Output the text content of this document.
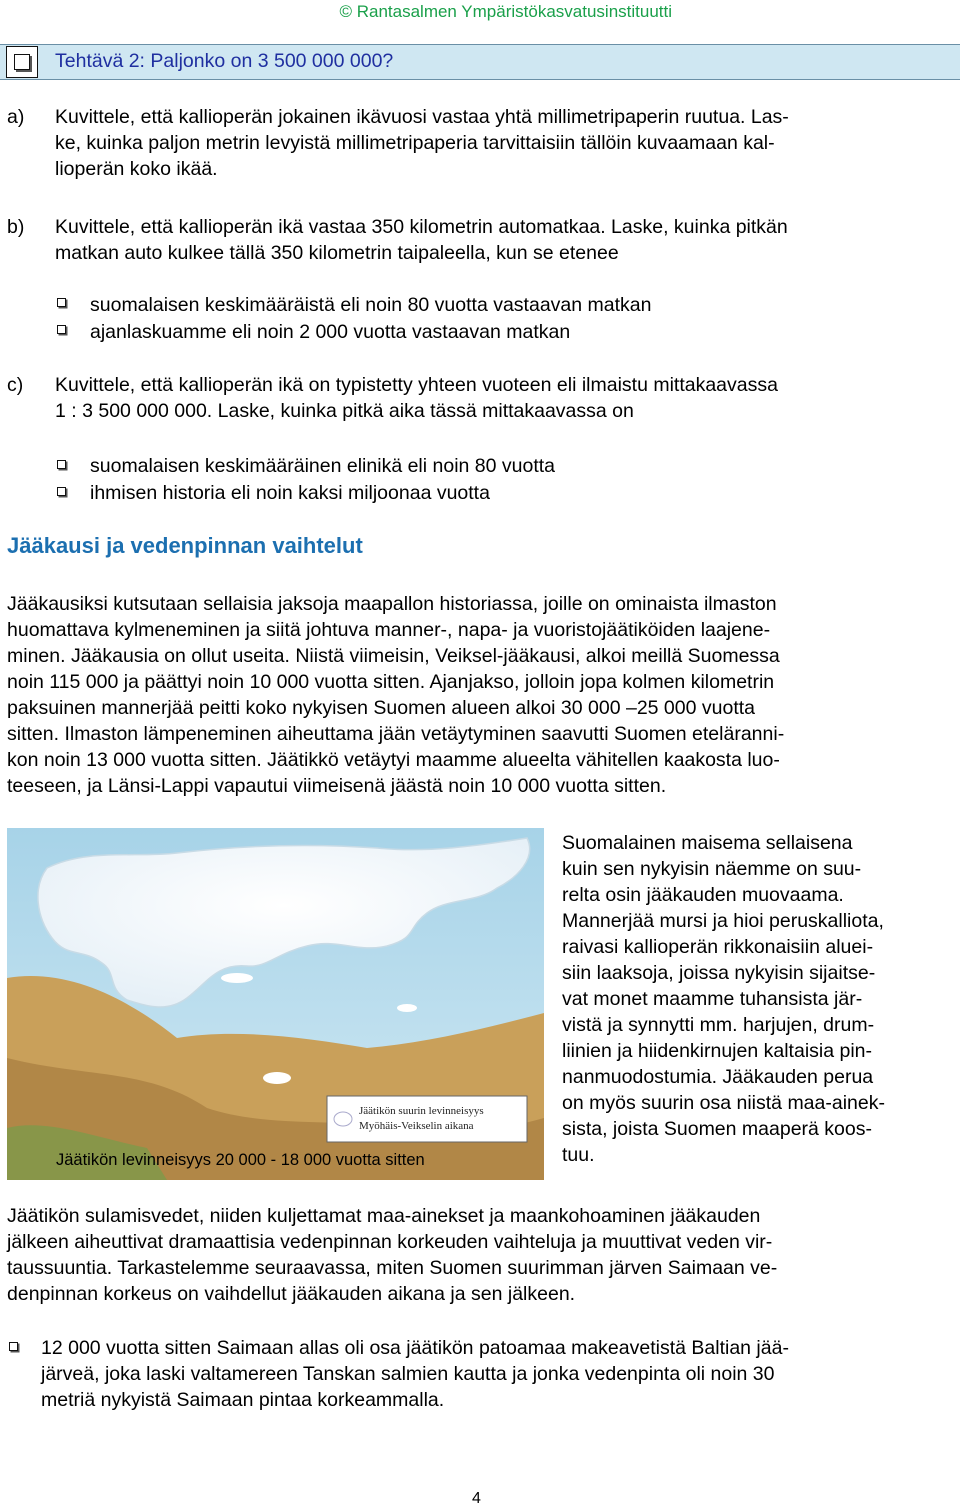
© Rantasalmen Ympäristökasvatusinstituutti
Tehtävä 2: Paljonko on 3 500 000 000?
a) Kuvittele, että kallioperän jokainen ikävuosi vastaa yhtä millimetripaperin ruutua. Las-
ke, kuinka paljon metrin levyistä millimetripaperia tarvittaisiin tällöin kuvaamaan kal-
lioperän koko ikää.
b) Kuvittele, että kallioperän ikä vastaa 350 kilometrin automatkaa. Laske, kuinka pitkän
matkan auto kulkee tällä 350 kilometrin taipaleella, kun se etenee
suomalaisen keskimääräistä eli noin 80 vuotta vastaavan matkan
ajanlaskuamme eli noin 2 000 vuotta vastaavan matkan
c) Kuvittele, että kallioperän ikä on typistetty yhteen vuoteen eli ilmaistu mittakaavassa
1 : 3 500 000 000. Laske, kuinka pitkä aika tässä mittakaavassa on
suomalaisen keskimääräinen elinikä eli noin 80 vuotta
ihmisen historia eli noin kaksi miljoonaa vuotta
Jääkausi ja vedenpinnan vaihtelut
Jääkausiksi kutsutaan sellaisia jaksoja maapallon historiassa, joille on ominaista ilmaston
huomattava kylmeneminen ja siitä johtuva manner-, napa- ja vuoristojäätiköiden laajene-
minen. Jääkausia on ollut useita. Niistä viimeisin, Veiksel-jääkausi, alkoi meillä Suomessa
noin 115 000 ja päättyi noin 10 000 vuotta sitten. Ajanjakso, jolloin jopa kolmen kilometrin
paksuinen mannerjää peitti koko nykyisen Suomen alueen alkoi 30 000 –25 000 vuotta
sitten. Ilmaston lämpeneminen aiheuttama jään vetäytyminen saavutti Suomen eteläranni-
kon noin 13 000 vuotta sitten. Jäätikkö vetäytyi maamme alueelta vähitellen kaakosta luo-
teeseen, ja Länsi-Lappi vapautui viimeisenä jäästä noin 10 000 vuotta sitten.
Jäätikön suurin levinneisyys
Myöhäis-Veikselin aikana
Jäätikön levinneisyys 20 000 - 18 000 vuotta sitten
Suomalainen maisema sellaisena
kuin sen nykyisin näemme on suu-
relta osin jääkauden muovaama.
Mannerjää mursi ja hioi peruskalliota,
raivasi kallioperän rikkonaisiin aluei-
siin laaksoja, joissa nykyisin sijaitse-
vat monet maamme tuhansista jär-
vistä ja synnytti mm. harjujen, drum-
liinien ja hiidenkirnujen kaltaisia pin-
nanmuodostumia. Jääkauden perua
on myös suurin osa niistä maa-ainek-
sista, joista Suomen maaperä koos-
tuu.
Jäätikön sulamisvedet, niiden kuljettamat maa-ainekset ja maankohoaminen jääkauden
jälkeen aiheuttivat dramaattisia vedenpinnan korkeuden vaihteluja ja muuttivat veden vir-
taussuuntia. Tarkastelemme seuraavassa, miten Suomen suurimman järven Saimaan ve-
denpinnan korkeus on vaihdellut jääkauden aikana ja sen jälkeen.
12 000 vuotta sitten Saimaan allas oli osa jäätikön patoamaa makeavetistä Baltian jää-
järveä, joka laski valtamereen Tanskan salmien kautta ja jonka vedenpinta oli noin 30
metriä nykyistä Saimaan pintaa korkeammalla.
4
